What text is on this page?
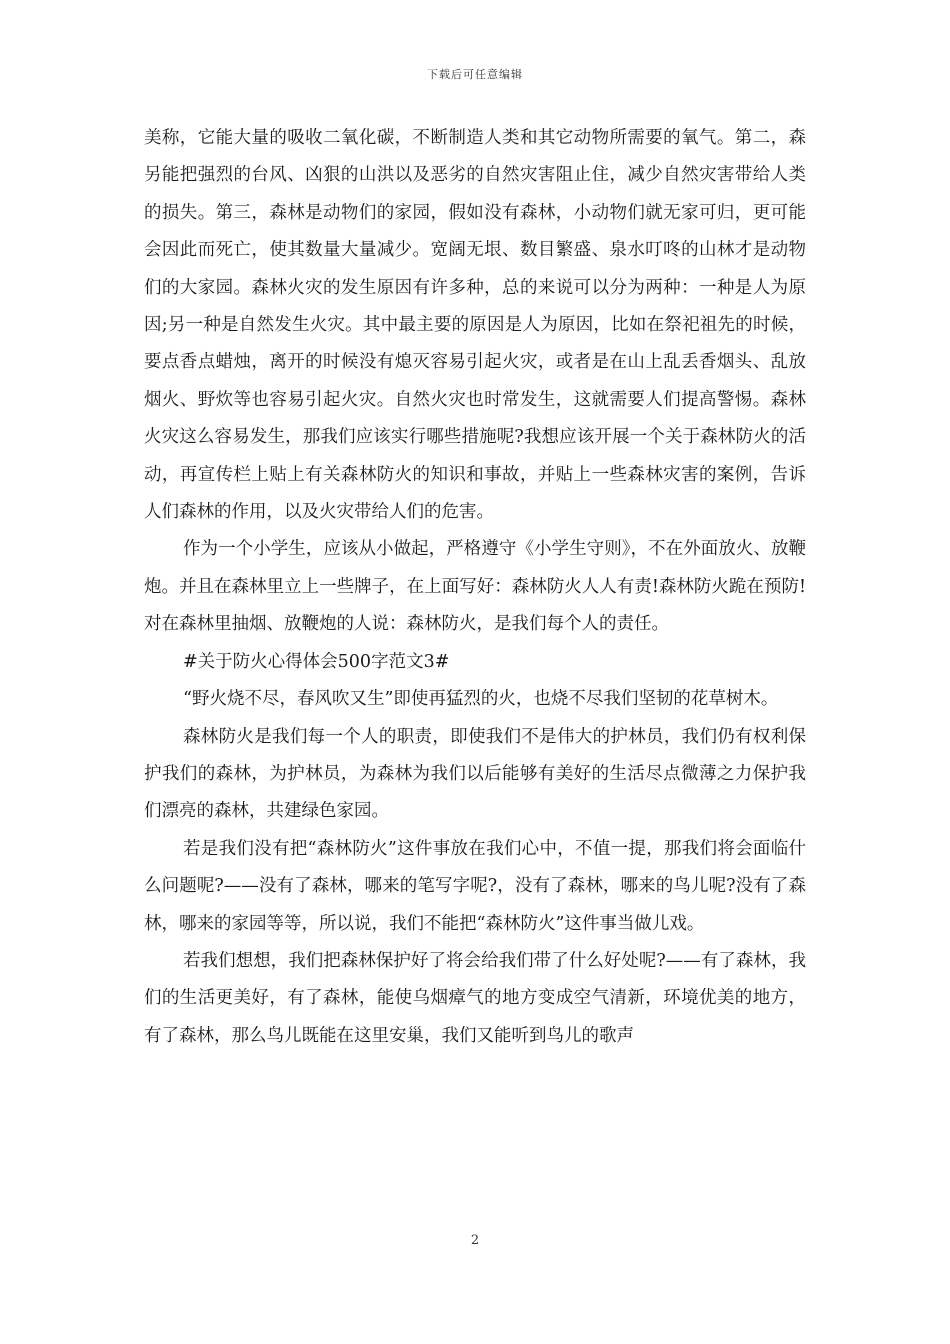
下载后可任意编辑

美称，它能大量的吸收二氧化碳，不断制造人类和其它动物所需要的氧气。第二，森另能把强烈的台风、凶狠的山洪以及恶劣的自然灾害阻止住，减少自然灾害带给人类的损失。第三，森林是动物们的家园，假如没有森林，小动物们就无家可归，更可能会因此而死亡，使其数量大量减少。宽阔无垠、数目繁盛、泉水叮咚的山林才是动物们的大家园。森林火灾的发生原因有许多种，总的来说可以分为两种：一种是人为原因;另一种是自然发生火灾。其中最主要的原因是人为原因，比如在祭祀祖先的时候，要点香点蜡烛，离开的时候没有熄灭容易引起火灾，或者是在山上乱丢香烟头、乱放烟火、野炊等也容易引起火灾。自然火灾也时常发生，这就需要人们提高警惕。森林火灾这么容易发生，那我们应该实行哪些措施呢?我想应该开展一个关于森林防火的活动，再宣传栏上贴上有关森林防火的知识和事故，并贴上一些森林灾害的案例，告诉人们森林的作用，以及火灾带给人们的危害。

作为一个小学生，应该从小做起，严格遵守《小学生守则》，不在外面放火、放鞭炮。并且在森林里立上一些牌子，在上面写好：森林防火人人有责!森林防火跪在预防!对在森林里抽烟、放鞭炮的人说：森林防火，是我们每个人的责任。

#关于防火心得体会500字范文3#

“野火烧不尽，春风吹又生”即使再猛烈的火，也烧不尽我们坚韧的花草树木。

森林防火是我们每一个人的职责，即使我们不是伟大的护林员，我们仍有权利保护我们的森林，为护林员，为森林为我们以后能够有美好的生活尽点微薄之力保护我们漂亮的森林，共建绿色家园。

若是我们没有把“森林防火”这件事放在我们心中，不值一提，那我们将会面临什么问题呢?——没有了森林，哪来的笔写字呢?，没有了森林，哪来的鸟儿呢?没有了森林，哪来的家园等等，所以说，我们不能把“森林防火”这件事当做儿戏。

若我们想想，我们把森林保护好了将会给我们带了什么好处呢?——有了森林，我们的生活更美好，有了森林，能使乌烟瘴气的地方变成空气清新，环境优美的地方，有了森林，那么鸟儿既能在这里安巢，我们又能听到鸟儿的歌声

2
